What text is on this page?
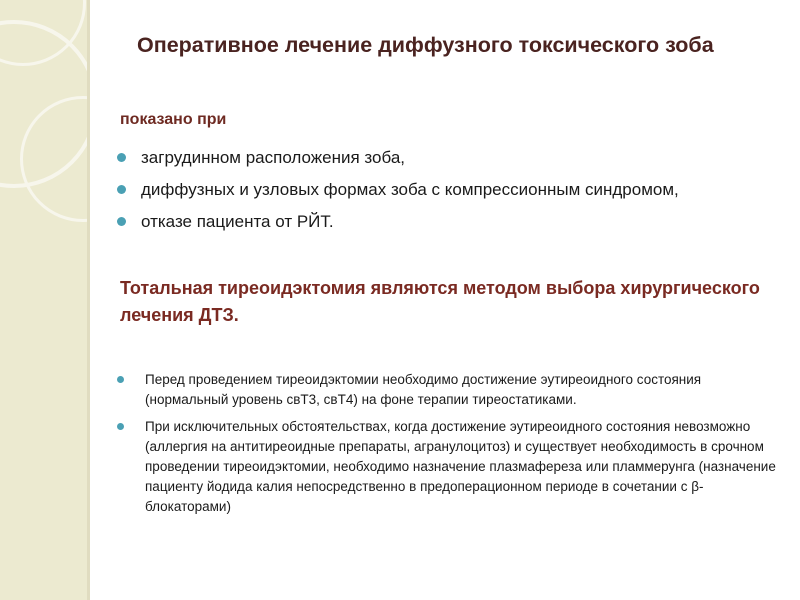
Оперативное лечение диффузного токсического зоба

показано при

загрудинном расположения зоба,
диффузных и узловых формах зоба с компрессионным синдромом,
отказе пациента от РЙТ.

Тотальная тиреоидэктомия являются методом выбора хирургического лечения ДТЗ.

Перед проведением тиреоидэктомии необходимо достижение эутиреоидного состояния (нормальный уровень свТ3, свТ4) на фоне терапии тиреостатиками.
При исключительных обстоятельствах, когда достижение эутиреоидного состояния невозможно (аллергия на антитиреоидные препараты, агранулоцитоз) и существует необходимость в срочном проведении тиреоидэктомии, необходимо назначение плазмафереза или пламмерунга (назначение пациенту йодида калия непосредственно в предоперационном периоде в сочетании с β-блокаторами)
